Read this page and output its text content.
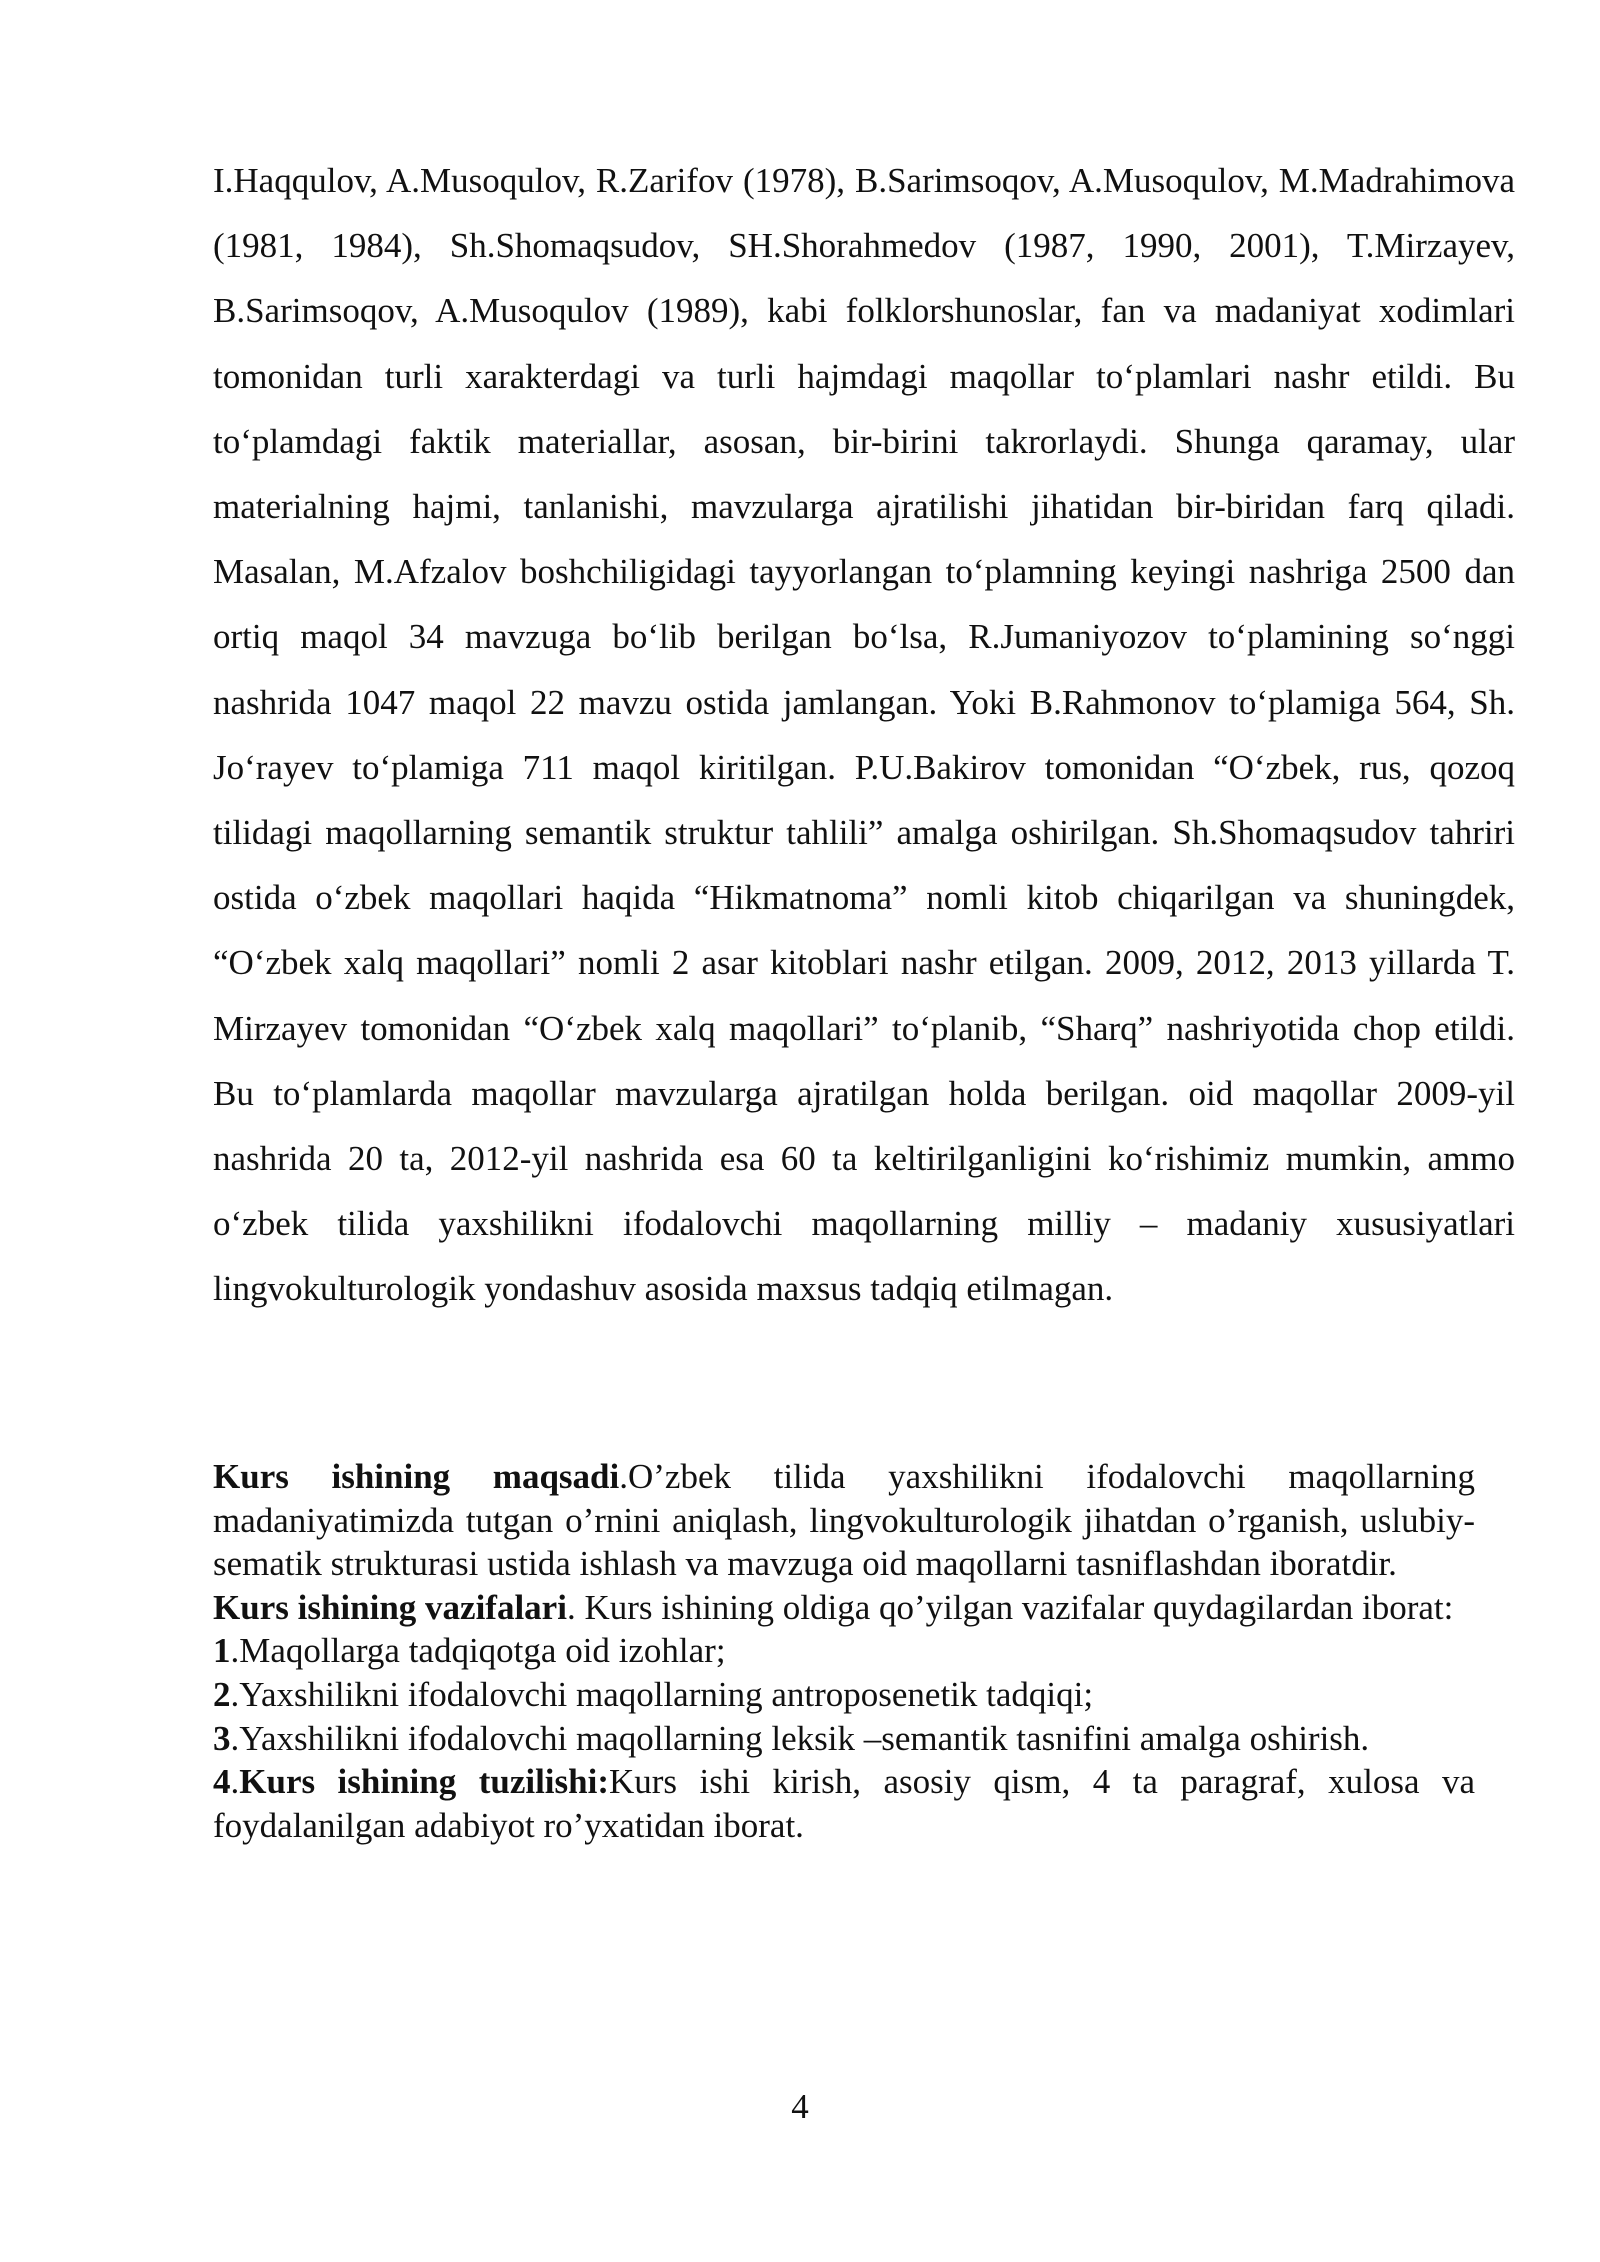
I.Haqqulov, A.Musoqulov, R.Zarifov (1978), B.Sarimsoqov, A.Musoqulov, M.Madrahimova (1981, 1984), Sh.Shomaqsudov, SH.Shorahmedov (1987, 1990, 2001), T.Mirzayev, B.Sarimsoqov, A.Musoqulov (1989), kabi folklorshunoslar, fan va madaniyat xodimlari tomonidan turli xarakterdagi va turli hajmdagi maqollar to‘plamlari nashr etildi. Bu to‘plamdagi faktik materiallar, asosan, bir-birini takrorlaydi. Shunga qaramay, ular materialning hajmi, tanlanishi, mavzularga ajratilishi jihatidan bir-biridan farq qiladi. Masalan, M.Afzalov boshchiligidagi tayyorlangan to‘plamning keyingi nashriga 2500 dan ortiq maqol 34 mavzuga bo‘lib berilgan bo‘lsa, R.Jumaniyozov to‘plamining so‘nggi nashrida 1047 maqol 22 mavzu ostida jamlangan. Yoki B.Rahmonov to‘plamiga 564, Sh. Jo‘rayev to‘plamiga 711 maqol kiritilgan. P.U.Bakirov tomonidan “O‘zbek, rus, qozoq tilidagi maqollarning semantik struktur tahlili” amalga oshirilgan. Sh.Shomaqsudov tahriri ostida o‘zbek maqollari haqida “Hikmatnoma” nomli kitob chiqarilgan va shuningdek, “O‘zbek xalq maqollari” nomli 2 asar kitoblari nashr etilgan. 2009, 2012, 2013 yillarda T. Mirzayev tomonidan “O‘zbek xalq maqollari” to‘planib, “Sharq” nashriyotida chop etildi. Bu to‘plamlarda maqollar mavzularga ajratilgan holda berilgan. oid maqollar 2009-yil nashrida 20 ta, 2012-yil nashrida esa 60 ta keltirilganligini ko‘rishimiz mumkin, ammo o‘zbek tilida yaxshilikni ifodalovchi maqollarning milliy – madaniy xususiyatlari lingvokulturologik yondashuv asosida maxsus tadqiq etilmagan.

Kurs ishining maqsadi.O’zbek tilida yaxshilikni ifodalovchi maqollarning madaniyatimizda tutgan o’rnini aniqlash, lingvokulturologik jihatdan o’rganish, uslubiy-sematik strukturasi ustida ishlash va mavzuga oid maqollarni tasniflashdan iboratdir.

Kurs ishining vazifalari. Kurs ishining oldiga qo’yilgan vazifalar quydagilardan iborat:

1.Maqollarga tadqiqotga oid izohlar;

2.Yaxshilikni ifodalovchi maqollarning antroposenetik tadqiqi;

3.Yaxshilikni ifodalovchi maqollarning leksik –semantik tasnifini amalga oshirish.

4.Kurs ishining tuzilishi:Kurs ishi kirish, asosiy qism, 4 ta paragraf, xulosa va foydalanilgan adabiyot ro’yxatidan iborat.

4
